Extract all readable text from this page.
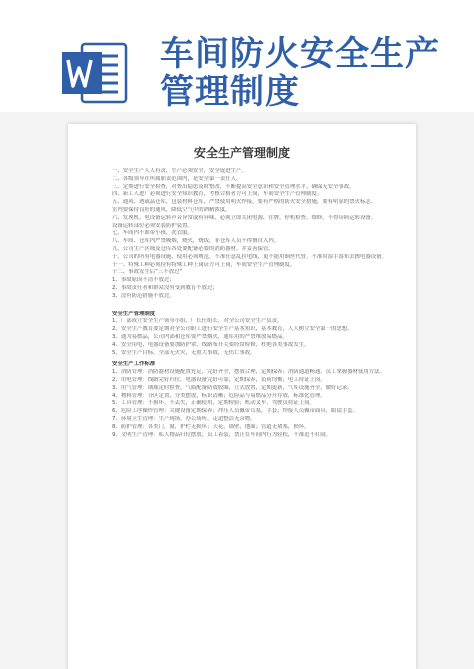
车间防火安全生产
管理制度
安全生产管理制度
一、安全生产人人有责，生产必须安全，安全促进生产。
二、各级领导在所属职责范围内，是安全第一责任人。
三、定期进行安全检查，对查出隐患及时整改，不断提高安全意识和安全管理水平，确保无安全事故。
四、新工人进厂必须进行安全知识教育，考核合格者方可上岗，车间安全生产管理制度。
五、通风、透或品仓库，包装材料仓库，严禁使用明火焊接，要有严格的防火安全措施，要有明显的禁火标志。
室内要保持良好的通风，降低空气中的酒精浓度。
六、发现机、电设备运转声音异常或有异味，必须立即关闭电源，往牌，停机检查，维修，不得带病运转设备。
设备运转部位必须安装防护装置。
七、车间内不准带小孩，洗衣服。
八、车间、仓库内严禁吸烟，烧火，烧饭，非仓库人员不得擅自入内。
九、公司生产区域及仓库各处要配备必要的消防器材，并妥善保管。
十、公司的所有电器设施，使用必须规范，不准任意乱拉电线，更不能用铜丝代替，不准用湿手湿布去擦电器设备。
十一、特殊工种必须持有特殊工种上岗证方可上岗，车间安全生产管理制度。
十二、事故发生后“三不放过”
1、事故原因不清不放过；
2、事故责任者和群众没有受到教育不放过；
3、没有防范措施不放过。
安全生产管理制度
1、厂部成立安全生产领导小组，厂长任组长，对全公司安全生产负责。
2、安全生产教育要定期对全公司职工进行安全生产基本知识，基本教育，人人树立安全第一的思想。
3、通为易燃品，公司内部和仓库要严禁烟火，通库用的严禁堆放易燃品。
4、安全用电，电器设备要加防护罩，线路布开关要经常检修，杜绝各类事故发生。
5、安全生产目标，全部无火灾，无重大事故，无伤亡事故。
安全生产工作标准
1、消防管理：消防器材设施配置充足，完好齐全，摆放合理，定期保养；消防通道畅通，员工掌握器材使用方法。
2、用电管理：线路完好归位，电器设备完好可靠，定期保养，负荷均衡；电工持证上岗。
3、用气管理：钢瓶定时检查，气瓶配备防震胶圈，立式放置，定期更新，气库设施齐全，做好记录。
4、物料管理：分区定置，分类摆放，标识清晰；危险品与易燃品分开存放，标准化管理。
5、工具管理：不损坏，不丢失，正确使用，定期检验；机动叉车，驾驶员持证上岗。
6、危险工序操作管理：关键设备定期保养；冲压人员佩带耳塞，手套；焊接人员佩带面具，眼镜手套。
7、环境卫生管理：生产现场，办公场所，走道整洁无杂物。
8、防护管理：各类门，窗，护栏无损坏；天花，墙壁，地面；管道无堵塞，损坏。
9、文明生产管理：私人物品归位摆放；员工着装，禁止在车间内行为轻松，不准追不打闹。
